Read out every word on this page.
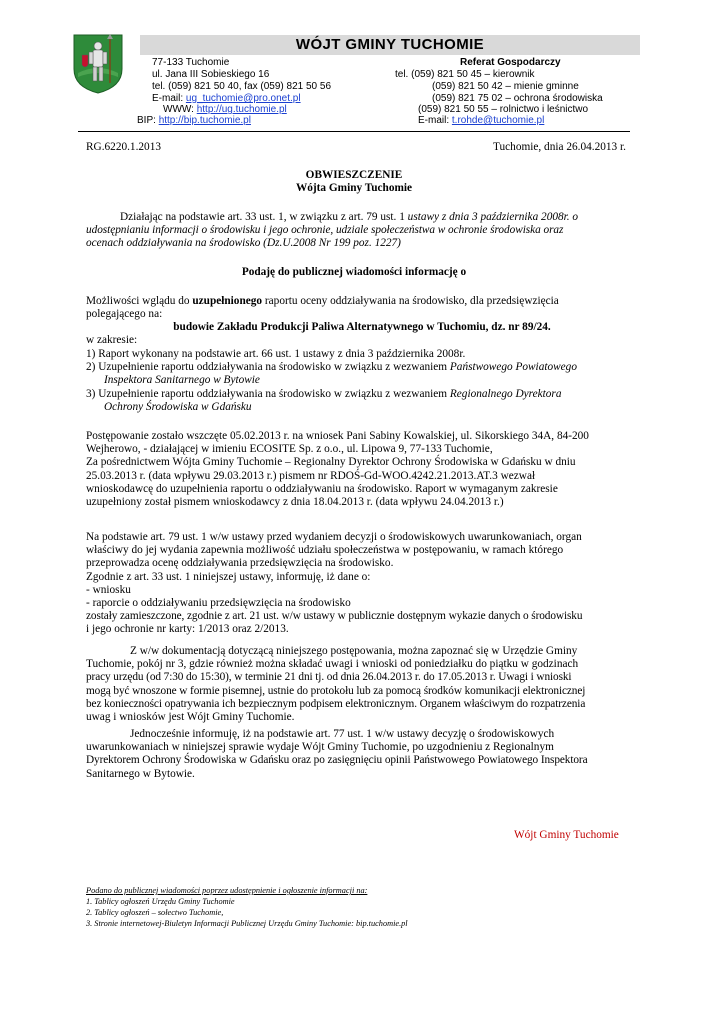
WÓJT GMINY TUCHOMIE
77-133 Tuchomie
ul. Jana III Sobieskiego 16
tel. (059) 821 50 40, fax (059) 821 50 56
E-mail: ug_tuchomie@pro.onet.pl
WWW: http://ug.tuchomie.pl
BIP: http://bip.tuchomie.pl
Referat Gospodarczy
tel. (059) 821 50 45 – kierownik
(059) 821 50 42 – mienie gminne
(059) 821 75 02 – ochrona środowiska
(059) 821 50 55 – rolnictwo i leśnictwo
E-mail: t.rohde@tuchomie.pl
RG.6220.1.2013	Tuchomie, dnia 26.04.2013 r.
OBWIESZCZENIE
Wójta Gminy Tuchomie
Działając na podstawie art. 33 ust. 1, w związku z art. 79 ust. 1 ustawy z dnia 3 października 2008r. o
udostępnianiu informacji o środowisku i jego ochronie, udziale społeczeństwa w ochronie środowiska oraz
ocenach oddziaływania na środowisko (Dz.U.2008 Nr 199 poz. 1227)
Podaję do publicznej wiadomości informację o
Możliwości wglądu do uzupełnionego raportu oceny oddziaływania na środowisko, dla przedsięwzięcia
polegającego na:
budowie Zakładu Produkcji Paliwa Alternatywnego w Tuchomiu, dz. nr 89/24.
w zakresie:
1) Raport wykonany na podstawie art. 66 ust. 1 ustawy z dnia 3 października 2008r.
2) Uzupełnienie raportu oddziaływania na środowisko w związku z wezwaniem Państwowego Powiatowego
Inspektora Sanitarnego w Bytowie
3) Uzupełnienie raportu oddziaływania na środowisko w związku z wezwaniem Regionalnego Dyrektora
Ochrony Środowiska w Gdańsku
Postępowanie zostało wszczęte 05.02.2013 r. na wniosek Pani Sabiny Kowalskiej, ul. Sikorskiego 34A, 84-200
Wejherowo, - działającej w imieniu ECOSITE Sp. z o.o., ul. Lipowa 9, 77-133 Tuchomie,
Za pośrednictwem Wójta Gminy Tuchomie – Regionalny Dyrektor Ochrony Środowiska w Gdańsku w dniu
25.03.2013 r. (data wpływu 29.03.2013 r.) pismem nr RDOŚ-Gd-WOO.4242.21.2013.AT.3 wezwał
wnioskodawcę do uzupełnienia raportu o oddziaływaniu na środowisko. Raport w wymaganym zakresie
uzupełniony został pismem wnioskodawcy z dnia 18.04.2013 r. (data wpływu 24.04.2013 r.)
Na podstawie art. 79 ust. 1 w/w ustawy przed wydaniem decyzji o środowiskowych uwarunkowaniach, organ
właściwy do jej wydania zapewnia możliwość udziału społeczeństwa w postępowaniu, w ramach którego
przeprowadza ocenę oddziaływania przedsięwzięcia na środowisko.
Zgodnie z art. 33 ust. 1 niniejszej ustawy, informuję, iż dane o:
- wniosku
- raporcie o oddziaływaniu przedsięwzięcia na środowisko
zostały zamieszczone, zgodnie z art. 21 ust. w/w ustawy w publicznie dostępnym wykazie danych o środowisku
i jego ochronie nr karty: 1/2013 oraz 2/2013.
Z w/w dokumentacją dotyczącą niniejszego postępowania, można zapoznać się w Urzędzie Gminy
Tuchomie, pokój nr 3, gdzie również można składać uwagi i wnioski od poniedziałku do piątku w godzinach
pracy urzędu (od 7:30 do 15:30), w terminie 21 dni tj. od dnia 26.04.2013 r. do 17.05.2013 r. Uwagi i wnioski
mogą być wnoszone w formie pisemnej, ustnie do protokołu lub za pomocą środków komunikacji elektronicznej
bez konieczności opatrywania ich bezpiecznym podpisem elektronicznym. Organem właściwym do rozpatrzenia
uwag i wniosków jest Wójt Gminy Tuchomie.
Jednocześnie informuję, iż na podstawie art. 77 ust. 1 w/w ustawy decyzję o środowiskowych
uwarunkowaniach w niniejszej sprawie wydaje Wójt Gminy Tuchomie, po uzgodnieniu z Regionalnym
Dyrektorem Ochrony Środowiska w Gdańsku oraz po zasięgnięciu opinii Państwowego Powiatowego Inspektora
Sanitarnego w Bytowie.
Wójt Gminy Tuchomie
Podano do publicznej wiadomości poprzez udostępnienie i ogłoszenie informacji na:
1. Tablicy ogłoszeń Urzędu Gminy Tuchomie
2. Tablicy ogłoszeń – sołectwo Tuchomie,
3. Stronie internetowej-Biuletyn Informacji Publicznej Urzędu Gminy Tuchomie: bip.tuchomie.pl
